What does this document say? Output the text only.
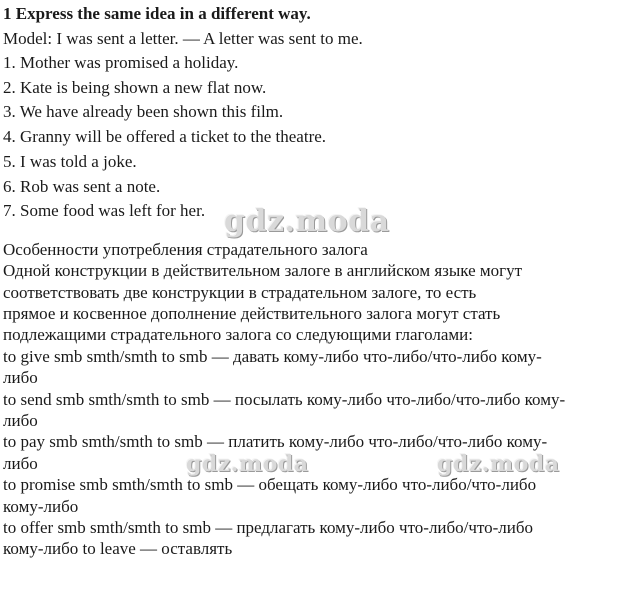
1 Express the same idea in a different way.
Model: I was sent a letter. — A letter was sent to me.
1. Mother was promised a holiday.
2. Kate is being shown a new flat now.
3. We have already been shown this film.
4. Granny will be offered a ticket to the theatre.
5. I was told a joke.
6. Rob was sent a note.
7. Some food was left for her.
Особенности употребления страдательного залога
Одной конструкции в действительном залоге в английском языке могут
соответствовать две конструкции в страдательном залоге, то есть
прямое и косвенное дополнение действительного залога могут стать
подлежащими страдательного залога со следующими глаголами:
to give smb smth/smth to smb — давать кому-либо что-либо/что-либо кому-
либо
to send smb smth/smth to smb — посылать кому-либо что-либо/что-либо кому-
либо
to pay smb smth/smth to smb — платить кому-либо что-либо/что-либо кому-
либо
to promise smb smth/smth to smb — обещать кому-либо что-либо/что-либо
кому-либо
to offer smb smth/smth to smb — предлагать кому-либо что-либо/что-либо
кому-либо to leave — оставлять
gdz.moda
gdz.moda	gdz.moda
